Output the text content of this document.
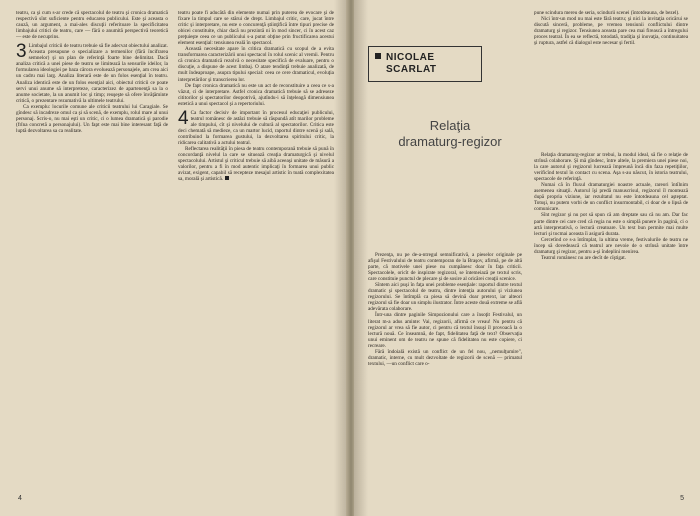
teatru, ca şi cum s-ar crede că spectacolul de teatru şi cronica dramatică respectivă sînt suficiente pentru educarea publicului. Este şi aceasta o cauză, un argument, a mai-ales discuţii referitoare la specificitatea limbajului critici de teatru, care — fără o anumită perspectivă teoretică — este de necuprins.

3 Limbajul criticii de teatru trebuie să fie adecvat obiectului analizat. Aceasta presupune o specializare a termenilor (fără încifrarea semnelor) şi un plan de referinţă foarte bine delimitat. Dacă analiza critică a unei piese de teatru se limitează la sensurile ideilor, la formularea ideologiei pe baza cărora evoluează personajele, am crea aici un cadru mai larg. Analiza literară este de un folos esenţial în teatru. Analiza identică este de un folos esenţial aici, obiectul criticii ce poate servi unui anume să interpreteze, caracterizez de apartenenţă sa la o anume societate, la un anumit loc şi timp; reuşeşte să ofere învăţăminte critică, o prezentare rezumativă la ultimele teatrului.

Ca exemplu: locurile comune ale criticii teatrului lui Caragiale. Se gîndesc să incadreze omul ca şi să scenă, de exemplu, rolul mare al unui personaj. Scris-o, nu mai eşti un critic, ci o lumea dramatică şi parodie (frîna concretă a personajului). Un fapt este mai bine interesant faţă de luptă dezvoltarea sa ca realitate.

teatru poate fi aducătă din elemente numai prin puterea de evocare şi de fixare la timpul care se stărui de drept. Limbajul critic, care, jucat între critic şi interpretare, nu este o concurenţă ştiinţifică între tipuri precise de obicei constituite, chiar dacă nu prezintă ni în mod sincer, ci în acest caz preţuieşte ceea ce un publicului s-a putut obţine prin fructificarea acestui element esenţial: tensiunea reală în spectacol.

Această necesitate apare în critica dramatică cu scopul de a evita transformarea caracterizării unui spectacol în rolul scenic al vremii. Pentru că cronica dramatică rezolvă o necesitate specifică de evaluare, pentru o discuţie, a dispune de acest limbaj. O atare tendinţă trebuie analizată, de mult îndeaproape, asupra tipului special: ceea ce cere dramaticul, evoluţia interpretărilor şi transcrierea lor.

De fapt cronica dramatică nu este un act de reconstituire a ceea ce s-a văzut, ci de interpretare. Astfel cronica dramatică trebuie să se adreseze cititorilor şi spectatorilor deopotrivă, ajutîndu-i să înţeleagă dimensiunea estetică a unui spectacol şi a repertoriului.

4 Ca factor decisiv de important în procesul educaţiei publicului, teatrul românesc de astăzi trebuie să răspundă atît marilor probleme ale timpului, cît şi nivelului de cultură al spectatorilor. Critica este deci chemată să medieze, ca un martor lucid, raportul dintre scenă şi sală, contribuind la formarea gustului, la dezvoltarea spiritului critic, la ridicarea calitativă a actului teatral.

Reflectarea realităţii în piesa de teatru contemporană trebuie să pună în concordanţă nivelul la care se situează creaţia dramaturgică şi nivelul spectacolului. Artistul şi criticul trebuie să aibă aceeaşi unitate de măsură a valorilor, pentru a fi în mod autentic implicaţi în formarea unui public avizat, exigent, capabil să recepteze mesajul artistic în toată complexitatea sa, morală şi artistică.

4
NICOLAE
SCARLAT

pune scindura mereu de seria, scindurii scenei (întotdeauna, de bezel).

Nici într-un mod nu mai este fără teatru; şi nici la invitaţia oricărui se discută sinceră, probleme, pe vremea tensiunii conflictului dintre dramaturg şi regizor. Tensiunea aceasta pare cea mai firească a întregului proces teatral. În ea se reflectă, totodată, tradiţia şi inovaţia, continuitatea şi ruptura, astfel că dialogul este necesar şi fertil.

Relaţia
dramaturg-regizor

Prezenţa, nu pe de-a-ntregul semnificativă, a pieselor originale pe afişul Festivalului de teatru contemporan de la Braşov, afirmă, pe de altă parte, că motivele unei piese nu cumpănesc doar în faţa criticii. Spectacolele, oricît de inspirate regizoral, se întemeiază pe textul scris, care constituie punctul de plecare şi de sosire al oricărei creaţii scenice.

Sîntem aici puşi în faţa unei probleme esenţiale: raportul dintre textul dramatic şi spectacolul de teatru, dintre intenţia autorului şi viziunea regizorului. Se întîmplă ca piesa să devină doar pretext, iar alteori regizorul să fie doar un simplu ilustrator. Între aceste două extreme se află adevărata colaborare.

Într-una dintre paginile Simpozionului care a însoţit Festivalul, un literat m-a adus aminte: Vai, regizorii, afirmă ce vreau! Nu pentru că regizorul ar vrea să fie autor, ci pentru că textul însuşi îl provoacă la o lectură nouă. Ce înseamnă, de fapt, fidelitatea faţă de text? Observaţia unui eminent om de teatru ne spune că fidelitatea nu este copiere, ci recreare.

Fără îndoială există un conflict de un fel nou, ,,nemulţumire", dramatic, interne, cu mult dezvoltate de regizorii de scenă — primatul textului, —un conflict care o-

Relaţia dramaturg-regizor ar trebui, la modul ideal, să fie o relaţie de strînsă colaborare. Şi mă gîndesc, între altele, la premiera unei piese noi, la care autorul şi regizorul lucrează împreună încă din faza repetiţiilor, verificînd textul în contact cu scena. Aşa s-au născut, în istoria teatrului, spectacole de referinţă.

Numai că în fluxul dramaturgiei noastre actuale, rareori întîlnim asemenea situaţii. Autorul îşi predă manuscrisul, regizorul îl montează după propria viziune, iar rezultatul nu este întotdeauna cel aşteptat. Totuşi, nu putem vorbi de un conflict insurmontabil, ci doar de o lipsă de comunicare.

Sînt regizor şi nu pot să spun că am dreptate sau că nu am. Dar fac parte dintre cei care cred că regia nu este o simplă punere în pagină, ci o artă interpretativă, o lectură creatoare. Un text bun permite mai multe lecturi şi tocmai aceasta îi asigură durata.

Cercetînd ce s-a întîmplat, la ultima vreme, festivalurile de teatru ne încep să dovedească că teatrul are nevoie de o strînsă unitate între dramaturg şi regizor, pentru a-şi îndeplini menirea.

Teatrul românesc nu are decît de cîştigat.

5
